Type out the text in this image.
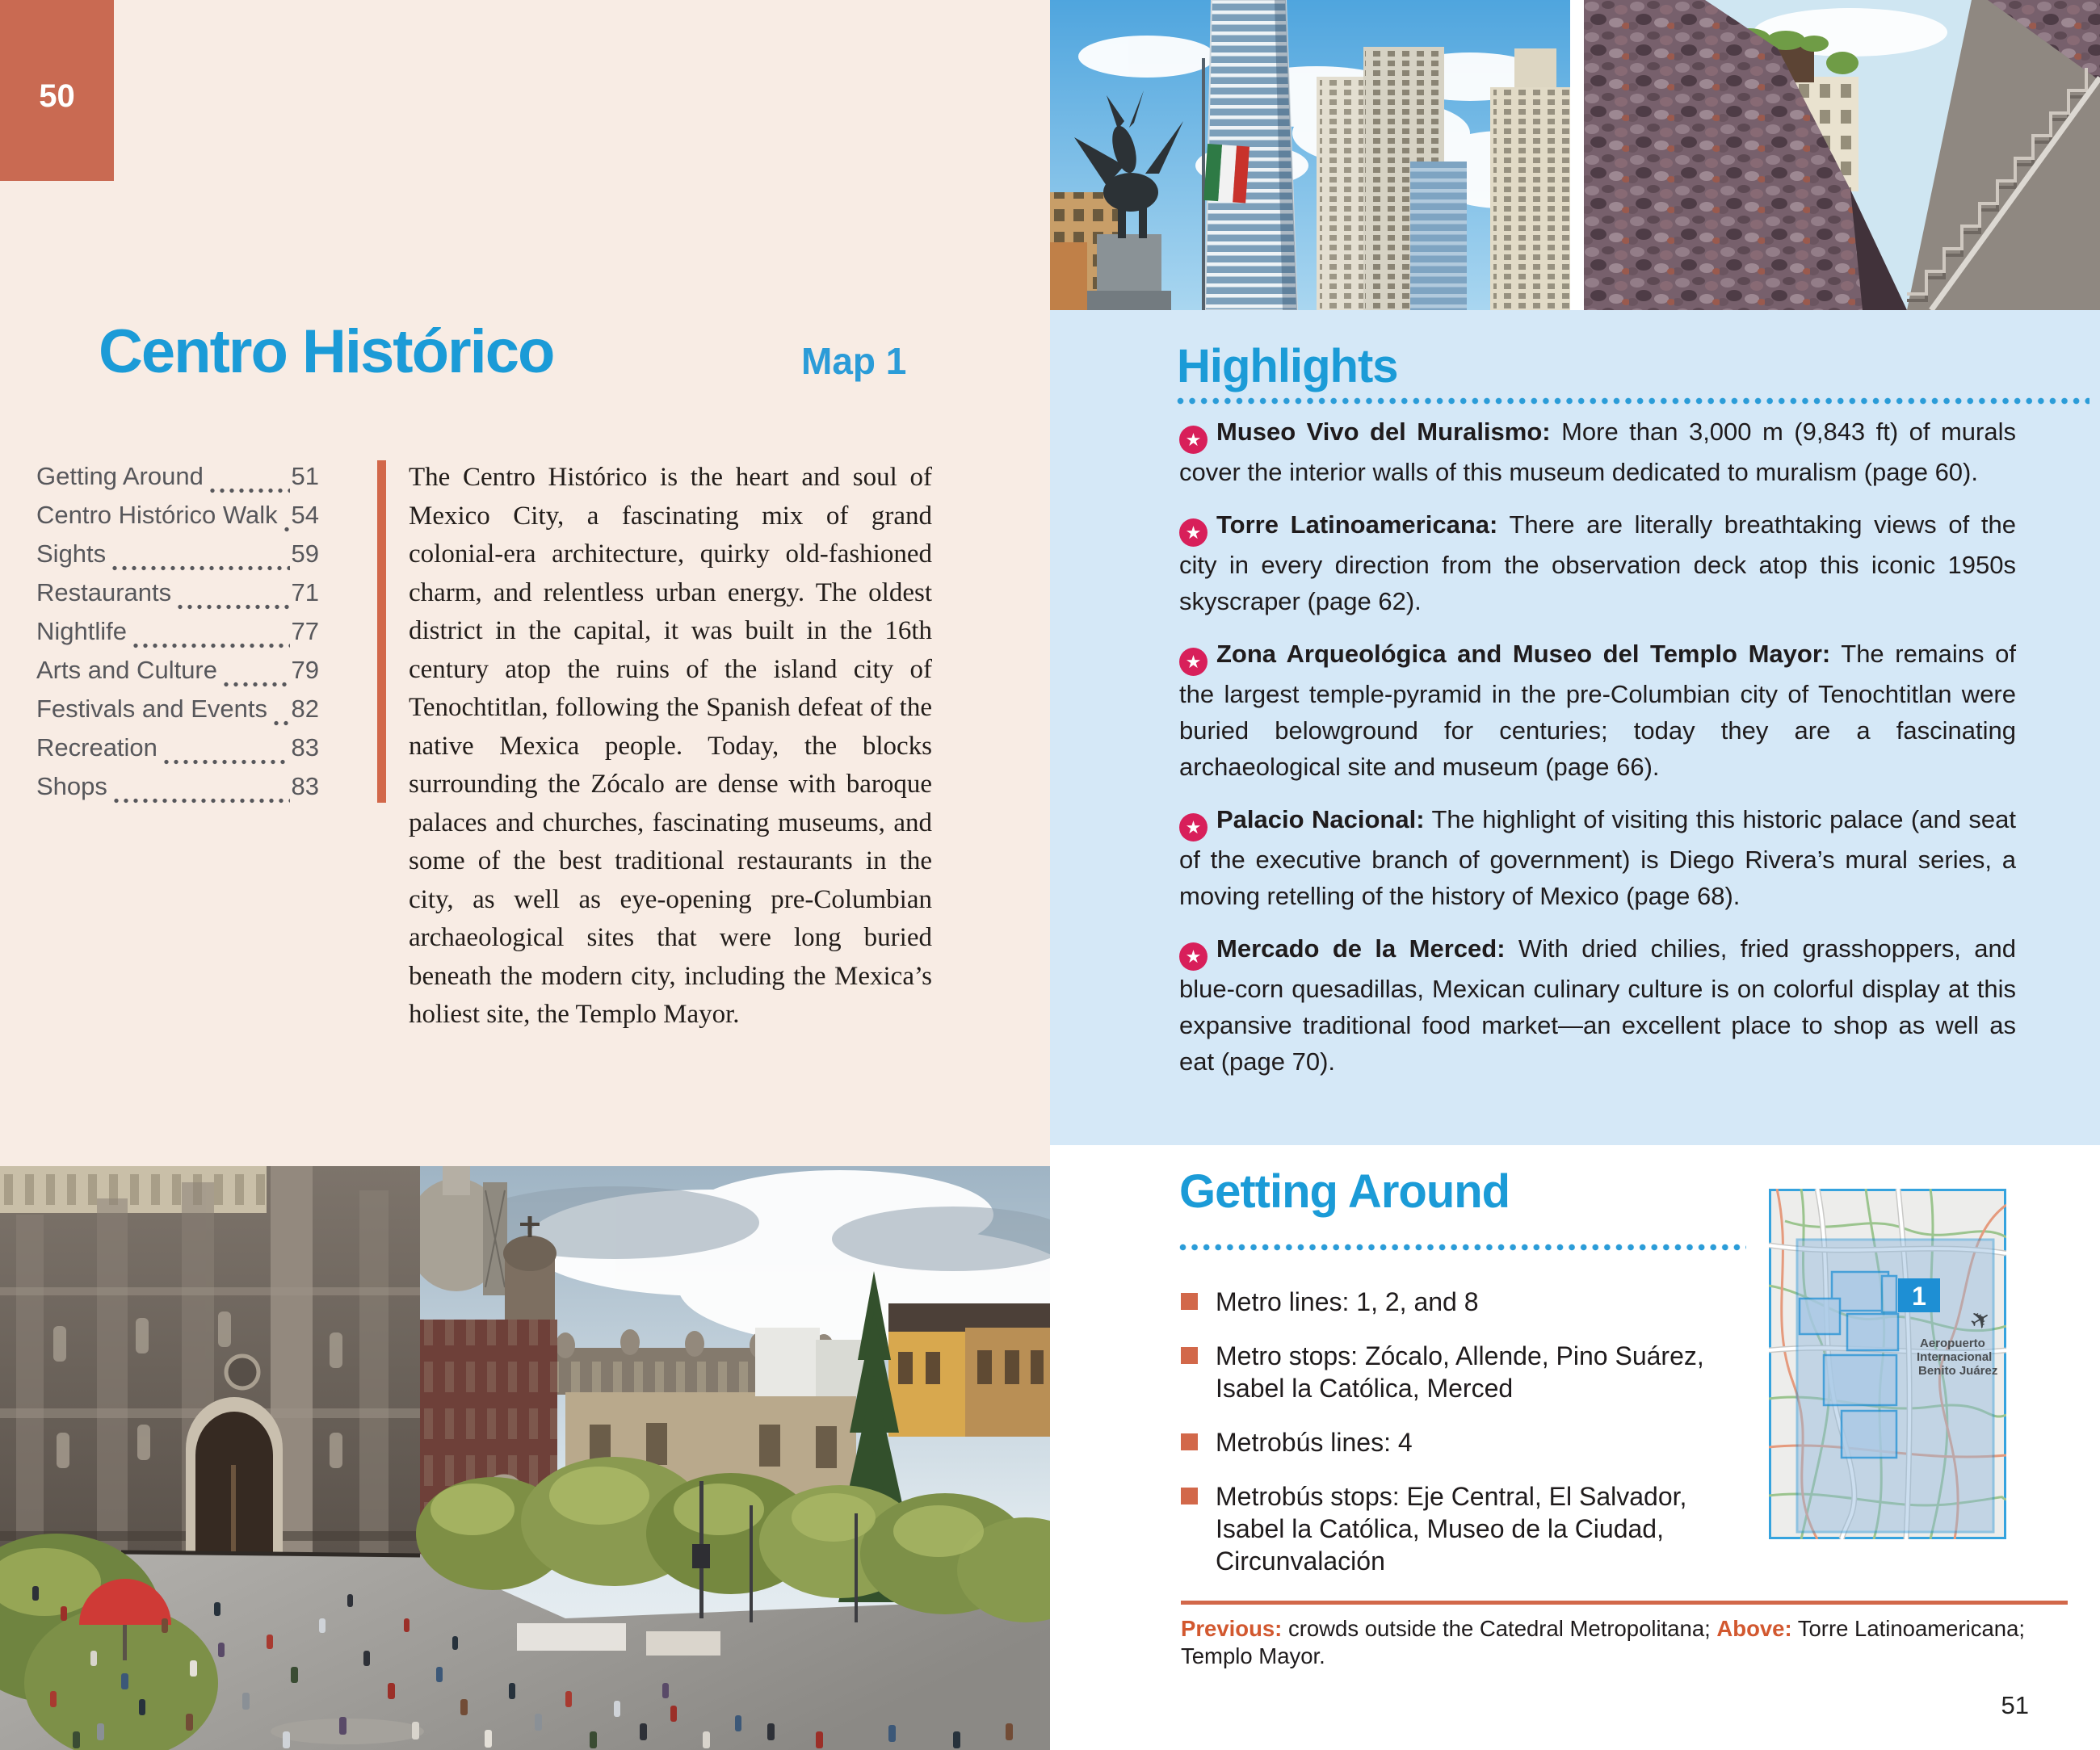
50
Centro Histórico	Map 1
Getting Around	51
Centro Histórico Walk 54
Sights	59
Restaurants	71
Nightlife	77
Arts and Culture	79
Festivals and Events 82
Recreation	83
Shops	83

The Centro Histórico is the heart and soul of Mexico City, a fascinating mix of grand colonial-era architecture, quirky old-fashioned charm, and relentless urban energy. The oldest district in the capital, it was built in the 16th century atop the ruins of the island city of Tenochtitlan, following the Spanish defeat of the native Mexica people. Today, the blocks surrounding the Zócalo are dense with baroque palaces and churches, fascinating museums, and some of the best traditional restaurants in the city, as well as eye-opening pre-Columbian archaeological sites that were long buried beneath the modern city, including the Mexica’s holiest site, the Templo Mayor.

Highlights

★ Museo Vivo del Muralismo: More than 3,000 m (9,843 ft) of murals cover the interior walls of this museum dedicated to muralism (page 60).

★ Torre Latinoamericana: There are literally breathtaking views of the city in every direction from the observation deck atop this iconic 1950s skyscraper (page 62).

★ Zona Arqueológica and Museo del Templo Mayor: The remains of the largest temple-pyramid in the pre-Columbian city of Tenochtitlan were buried belowground for centuries; today they are a fascinating archaeological site and museum (page 66).

★ Palacio Nacional: The highlight of visiting this historic palace (and seat of the executive branch of government) is Diego Rivera’s mural series, a moving retelling of the history of Mexico (page 68).

★ Mercado de la Merced: With dried chilies, fried grasshoppers, and blue-corn quesadillas, Mexican culinary culture is on colorful display at this expansive traditional food market—an excellent place to shop as well as eat (page 70).

Getting Around
Metro lines: 1, 2, and 8
Metro stops: Zócalo, Allende, Pino Suárez, Isabel la Católica, Merced
Metrobús lines: 4
Metrobús stops: Eje Central, El Salvador, Isabel la Católica, Museo de la Ciudad, Circunvalación
1
✈
Aeropuerto
Internacional
Benito Juárez

Previous: crowds outside the Catedral Metropolitana; Above: Torre Latinoamericana; Templo Mayor.

51
